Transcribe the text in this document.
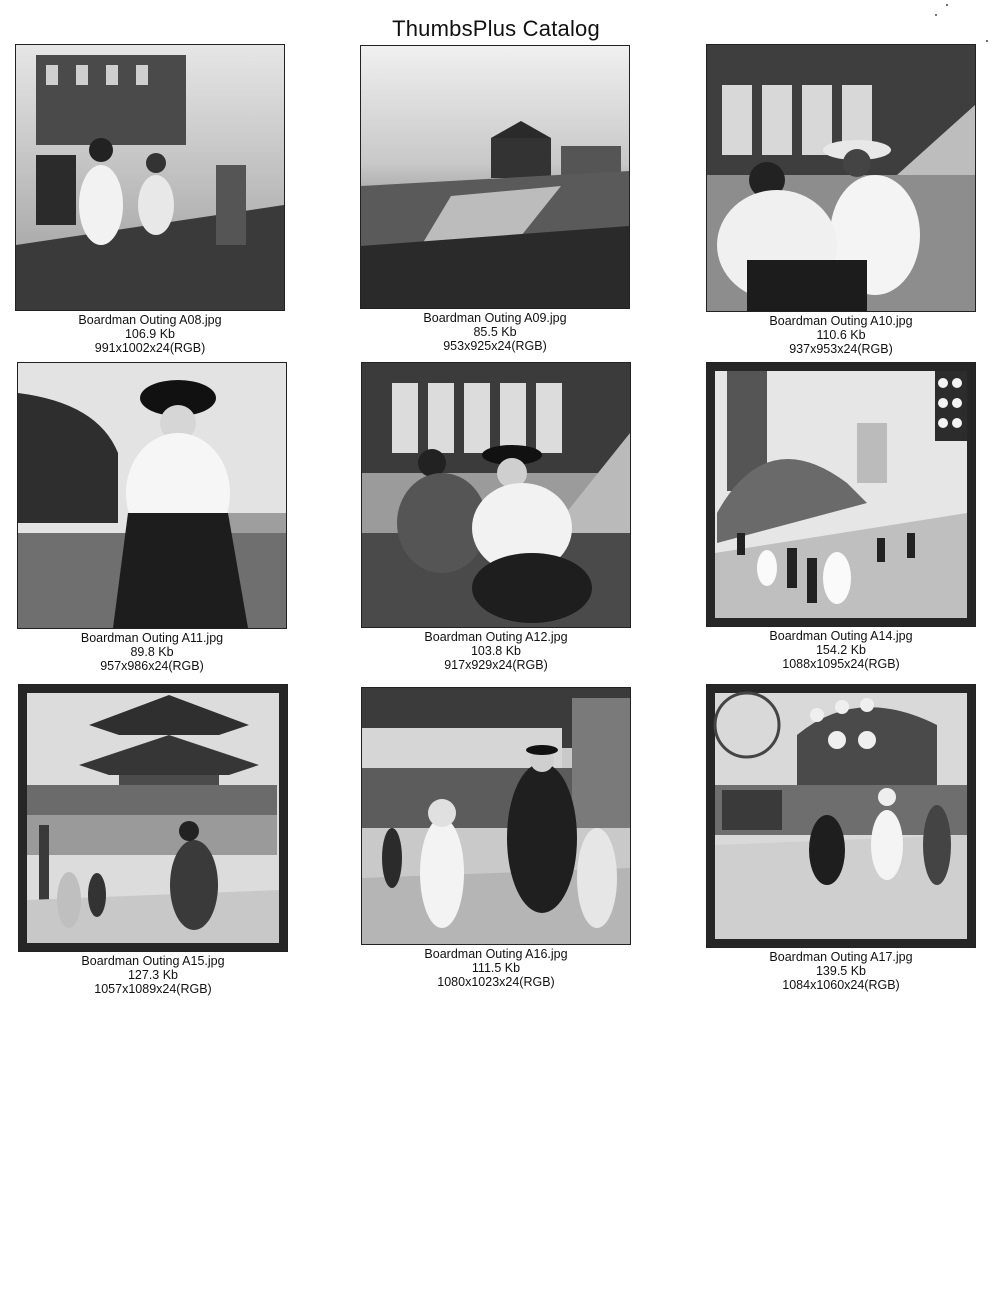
ThumbsPlus Catalog
Boardman Outing A08.jpg
106.9 Kb
991x1002x24(RGB)
Boardman Outing A09.jpg
85.5 Kb
953x925x24(RGB)
Boardman Outing A10.jpg
110.6 Kb
937x953x24(RGB)
Boardman Outing A11.jpg
89.8 Kb
957x986x24(RGB)
Boardman Outing A12.jpg
103.8 Kb
917x929x24(RGB)
Boardman Outing A14.jpg
154.2 Kb
1088x1095x24(RGB)
Boardman Outing A15.jpg
127.3 Kb
1057x1089x24(RGB)
Boardman Outing A16.jpg
111.5 Kb
1080x1023x24(RGB)
Boardman Outing A17.jpg
139.5 Kb
1084x1060x24(RGB)
